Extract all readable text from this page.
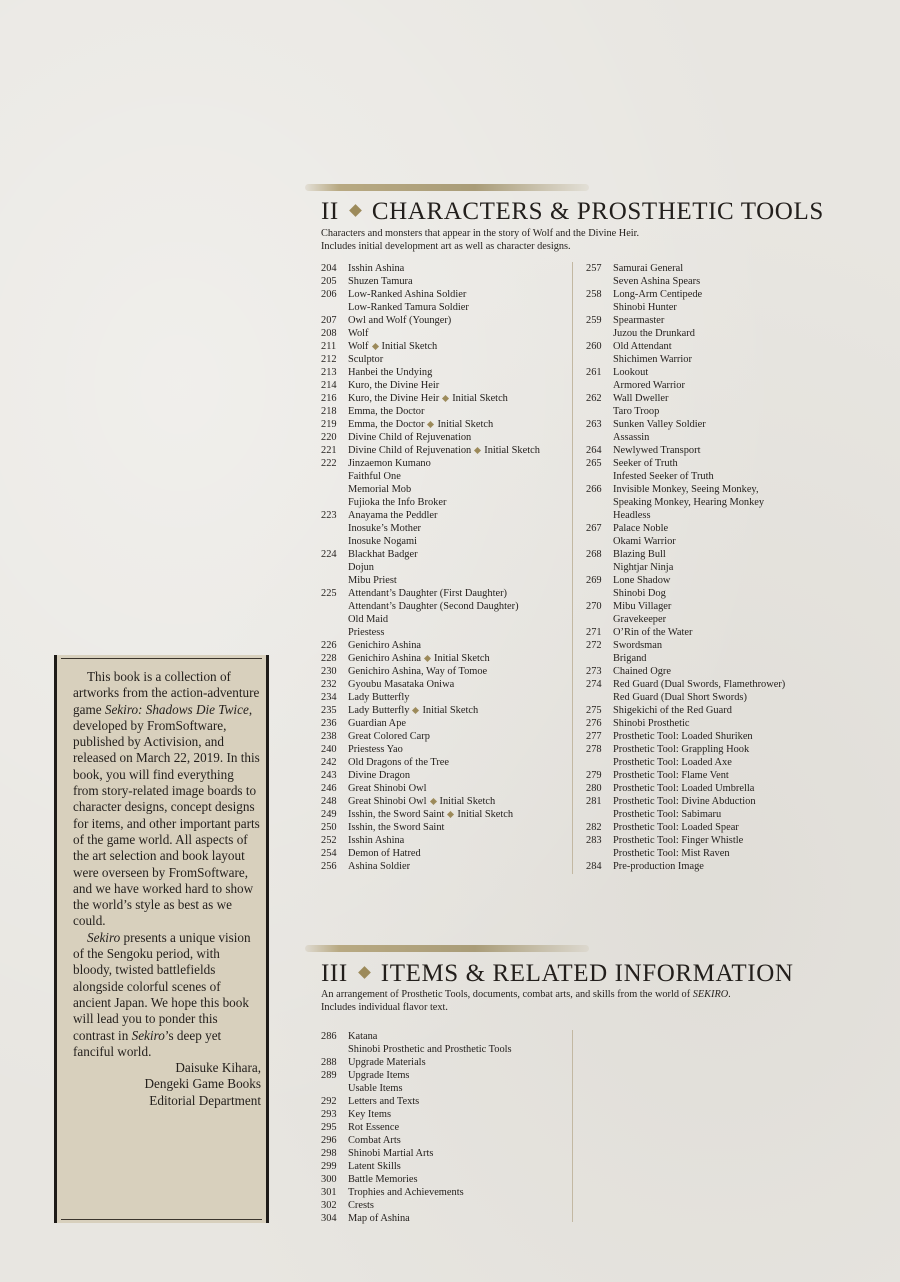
II CHARACTERS & PROSTHETIC TOOLS
Characters and monsters that appear in the story of Wolf and the Divine Heir.
Includes initial development art as well as character designs.
204	Isshin Ashina
205	Shuzen Tamura
206	Low-Ranked Ashina Soldier
Low-Ranked Tamura Soldier
207	Owl and Wolf (Younger)
208	Wolf
211	Wolf Initial Sketch
212	Sculptor
213	Hanbei the Undying
214	Kuro, the Divine Heir
216	Kuro, the Divine Heir Initial Sketch
218	Emma, the Doctor
219	Emma, the Doctor Initial Sketch
220	Divine Child of Rejuvenation
221	Divine Child of Rejuvenation Initial Sketch
222	Jinzaemon Kumano
Faithful One
Memorial Mob
Fujioka the Info Broker
223	Anayama the Peddler
Inosuke’s Mother
Inosuke Nogami
224	Blackhat Badger
Dojun
Mibu Priest
225	Attendant’s Daughter (First Daughter)
Attendant’s Daughter (Second Daughter)
Old Maid
Priestess
226	Genichiro Ashina
228	Genichiro Ashina Initial Sketch
230	Genichiro Ashina, Way of Tomoe
232	Gyoubu Masataka Oniwa
234	Lady Butterfly
235	Lady Butterfly Initial Sketch
236	Guardian Ape
238	Great Colored Carp
240	Priestess Yao
242	Old Dragons of the Tree
243	Divine Dragon
246	Great Shinobi Owl
248	Great Shinobi Owl Initial Sketch
249	Isshin, the Sword Saint Initial Sketch
250	Isshin, the Sword Saint
252	Isshin Ashina
254	Demon of Hatred
256	Ashina Soldier
257	Samurai General
Seven Ashina Spears
258	Long-Arm Centipede
Shinobi Hunter
259	Spearmaster
Juzou the Drunkard
260	Old Attendant
Shichimen Warrior
261	Lookout
Armored Warrior
262	Wall Dweller
Taro Troop
263	Sunken Valley Soldier
Assassin
264	Newlywed Transport
265	Seeker of Truth
Infested Seeker of Truth
266	Invisible Monkey, Seeing Monkey,
Speaking Monkey, Hearing Monkey
Headless
267	Palace Noble
Okami Warrior
268	Blazing Bull
Nightjar Ninja
269	Lone Shadow
Shinobi Dog
270	Mibu Villager
Gravekeeper
271	O’Rin of the Water
272	Swordsman
Brigand
273	Chained Ogre
274	Red Guard (Dual Swords, Flamethrower)
Red Guard (Dual Short Swords)
275	Shigekichi of the Red Guard
276	Shinobi Prosthetic
277	Prosthetic Tool: Loaded Shuriken
278	Prosthetic Tool: Grappling Hook
Prosthetic Tool: Loaded Axe
279	Prosthetic Tool: Flame Vent
280	Prosthetic Tool: Loaded Umbrella
281	Prosthetic Tool: Divine Abduction
Prosthetic Tool: Sabimaru
282	Prosthetic Tool: Loaded Spear
283	Prosthetic Tool: Finger Whistle
Prosthetic Tool: Mist Raven
284	Pre-production Image
III ITEMS & RELATED INFORMATION
An arrangement of Prosthetic Tools, documents, combat arts, and skills from the world of SEKIRO.
Includes individual flavor text.
286	Katana
Shinobi Prosthetic and Prosthetic Tools
288	Upgrade Materials
289	Upgrade Items
Usable Items
292	Letters and Texts
293	Key Items
295	Rot Essence
296	Combat Arts
298	Shinobi Martial Arts
299	Latent Skills
300	Battle Memories
301	Trophies and Achievements
302	Crests
304	Map of Ashina

This book is a collection of artworks from the action-adventure game Sekiro: Shadows Die Twice, developed by FromSoftware, published by Activision, and released on March 22, 2019. In this book, you will find everything from story-related image boards to character designs, concept designs for items, and other important parts of the game world. All aspects of the art selection and book layout were overseen by FromSoftware, and we have worked hard to show the world’s style as best as we could.

Sekiro presents a unique vision of the Sengoku period, with bloody, twisted battlefields alongside colorful scenes of ancient Japan. We hope this book will lead you to ponder this contrast in Sekiro’s deep yet fanciful world.

Daisuke Kihara,
Dengeki Game Books
Editorial Department
